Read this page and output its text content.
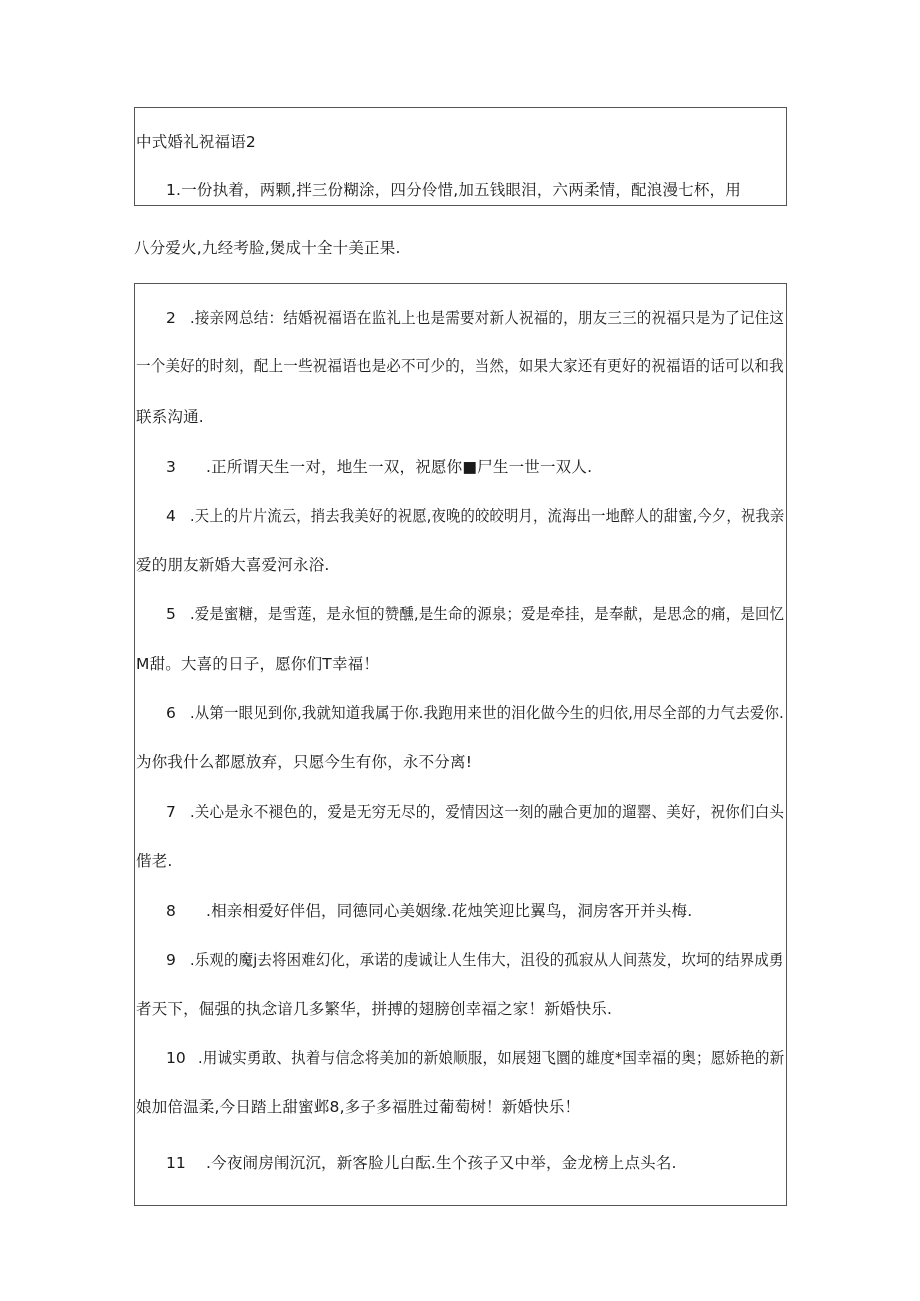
中式婚礼祝福语2
1.一份执着，两颗,拌三份糊涂，四分伶惜,加五钱眼泪，六两柔情，配浪漫七杯，用
八分爱火,九经考脸,煲成十全十美正果.
2 .接亲网总结：结婚祝福语在监礼上也是需要对新人祝福的，朋友三三的祝福只是为了记住这
一个美好的时刻，配上一些祝福语也是必不可少的，当然，如果大家还有更好的祝福语的话可以和我
联系沟通.
3 .正所谓天生一对，地生一双，祝愿你■尸生一世一双人.
4 .天上的片片流云，捎去我美好的祝愿,夜晚的皎皎明月，流海出一地醉人的甜蜜,今夕，祝我亲
爱的朋友新婚大喜爱河永浴.
5 .爱是蜜糖，是雪莲，是永恒的赞醺,是生命的源泉；爱是牵挂，是奉献，是思念的痛，是回忆
M甜。大喜的日子，愿你们T幸福！
6 .从第一眼见到你,我就知道我属于你.我跑用来世的泪化做今生的归依,用尽全部的力气去爱你.
为你我什么都愿放弃，只愿今生有你，永不分离!
7 .关心是永不褪色的，爱是无穷无尽的，爱情因这一刻的融合更加的遛罂、美好，祝你们白头
偕老.
8 .相亲相爱好伴侣，同德同心美姻缘.花烛笑迎比翼鸟，洞房客开并头梅.
9 .乐观的魔j去将困难幻化，承诺的虔诚让人生伟大，沮役的孤寂从人间蒸发，坎坷的结界成勇
者天下，倔强的执念谙几多繁华，拼搏的翅膀创幸福之家！新婚快乐.
10 .用诚实勇敢、执着与信念将美加的新娘顺服，如展翅飞圜的雄度*国幸福的奥；愿娇艳的新
娘加倍温柔,今日踏上甜蜜邺8,多子多福胜过葡萄树！新婚快乐！
11 .今夜闹房闱沉沉，新客脸儿白酝.生个孩子又中举，金龙榜上点头名.
